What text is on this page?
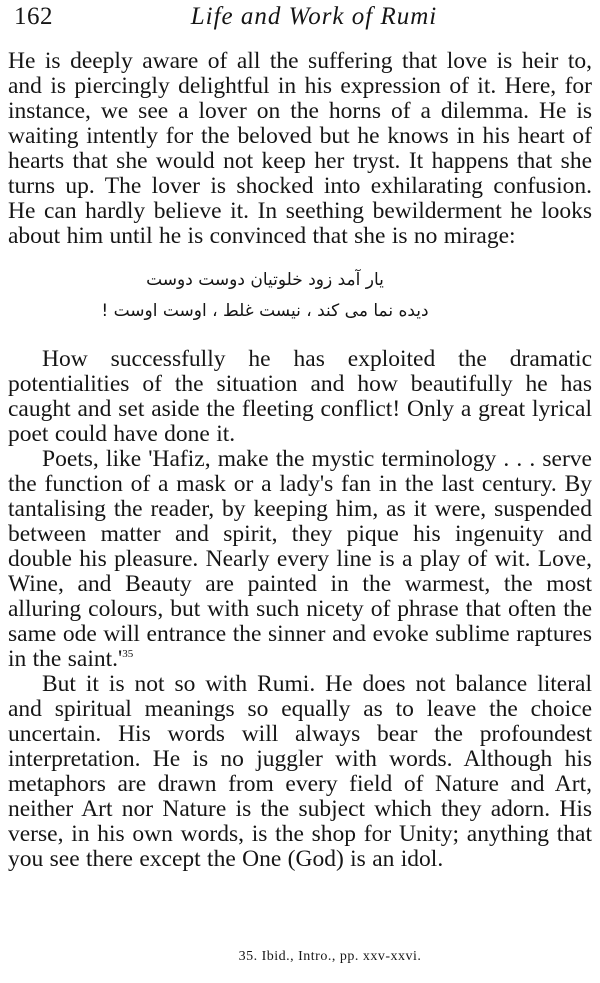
162	Life and Work of Rumi

He is deeply aware of all the suffering that love is heir to, and is piercingly delightful in his expression of it. Here, for instance, we see a lover on the horns of a dilemma. He is waiting intently for the beloved but he knows in his heart of hearts that she would not keep her tryst. It happens that she turns up. The lover is shocked into exhilarating confusion. He can hardly believe it. In seething bewilderment he looks about him until he is convinced that she is no mirage:

یار آمد زود خلوتیان دوست دوست
دیده نما می کند ، نیست غلط ، اوست اوست !

How successfully he has exploited the dramatic potentialities of the situation and how beautifully he has caught and set aside the fleeting conflict! Only a great lyrical poet could have done it.

Poets, like 'Hafiz, make the mystic terminology . . . serve the function of a mask or a lady's fan in the last century. By tantalising the reader, by keeping him, as it were, suspended between matter and spirit, they pique his ingenuity and double his pleasure. Nearly every line is a play of wit. Love, Wine, and Beauty are painted in the warmest, the most alluring colours, but with such nicety of phrase that often the same ode will entrance the sinner and evoke sublime raptures in the saint.'$^{35}$

But it is not so with Rumi. He does not balance literal and spiritual meanings so equally as to leave the choice uncertain. His words will always bear the profoundest interpretation. He is no juggler with words. Although his metaphors are drawn from every field of Nature and Art, neither Art nor Nature is the subject which they adorn. His verse, in his own words, is the shop for Unity; anything that you see there except the One (God) is an idol.

35. Ibid., Intro., pp. xxv-xxvi.
